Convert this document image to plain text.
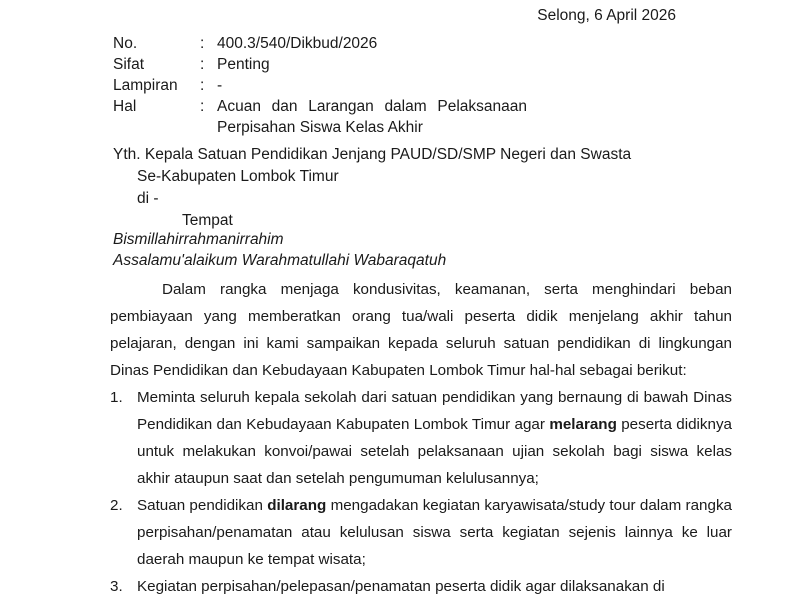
Selong, 6 April 2026
No.	: 400.3/540/Dikbud/2026
Sifat	: Penting
Lampiran	: -
Hal	: Acuan dan Larangan dalam Pelaksanaan
Perpisahan Siswa Kelas Akhir
Yth. Kepala Satuan Pendidikan Jenjang PAUD/SD/SMP Negeri dan Swasta
Se-Kabupaten Lombok Timur
di -
Tempat
Bismillahirrahmanirrahim
Assalamu'alaikum Warahmatullahi Wabaraqatuh

Dalam rangka menjaga kondusivitas, keamanan, serta menghindari beban pembiayaan yang memberatkan orang tua/wali peserta didik menjelang akhir tahun pelajaran, dengan ini kami sampaikan kepada seluruh satuan pendidikan di lingkungan Dinas Pendidikan dan Kebudayaan Kabupaten Lombok Timur hal-hal sebagai berikut:

1. Meminta seluruh kepala sekolah dari satuan pendidikan yang bernaung di bawah Dinas Pendidikan dan Kebudayaan Kabupaten Lombok Timur agar melarang peserta didiknya untuk melakukan konvoi/pawai setelah pelaksanaan ujian sekolah bagi siswa kelas akhir ataupun saat dan setelah pengumuman kelulusannya;
2. Satuan pendidikan dilarang mengadakan kegiatan karyawisata/study tour dalam rangka perpisahan/penamatan atau kelulusan siswa serta kegiatan sejenis lainnya ke luar daerah maupun ke tempat wisata;
3. Kegiatan perpisahan/pelepasan/penamatan peserta didik agar dilaksanakan di
